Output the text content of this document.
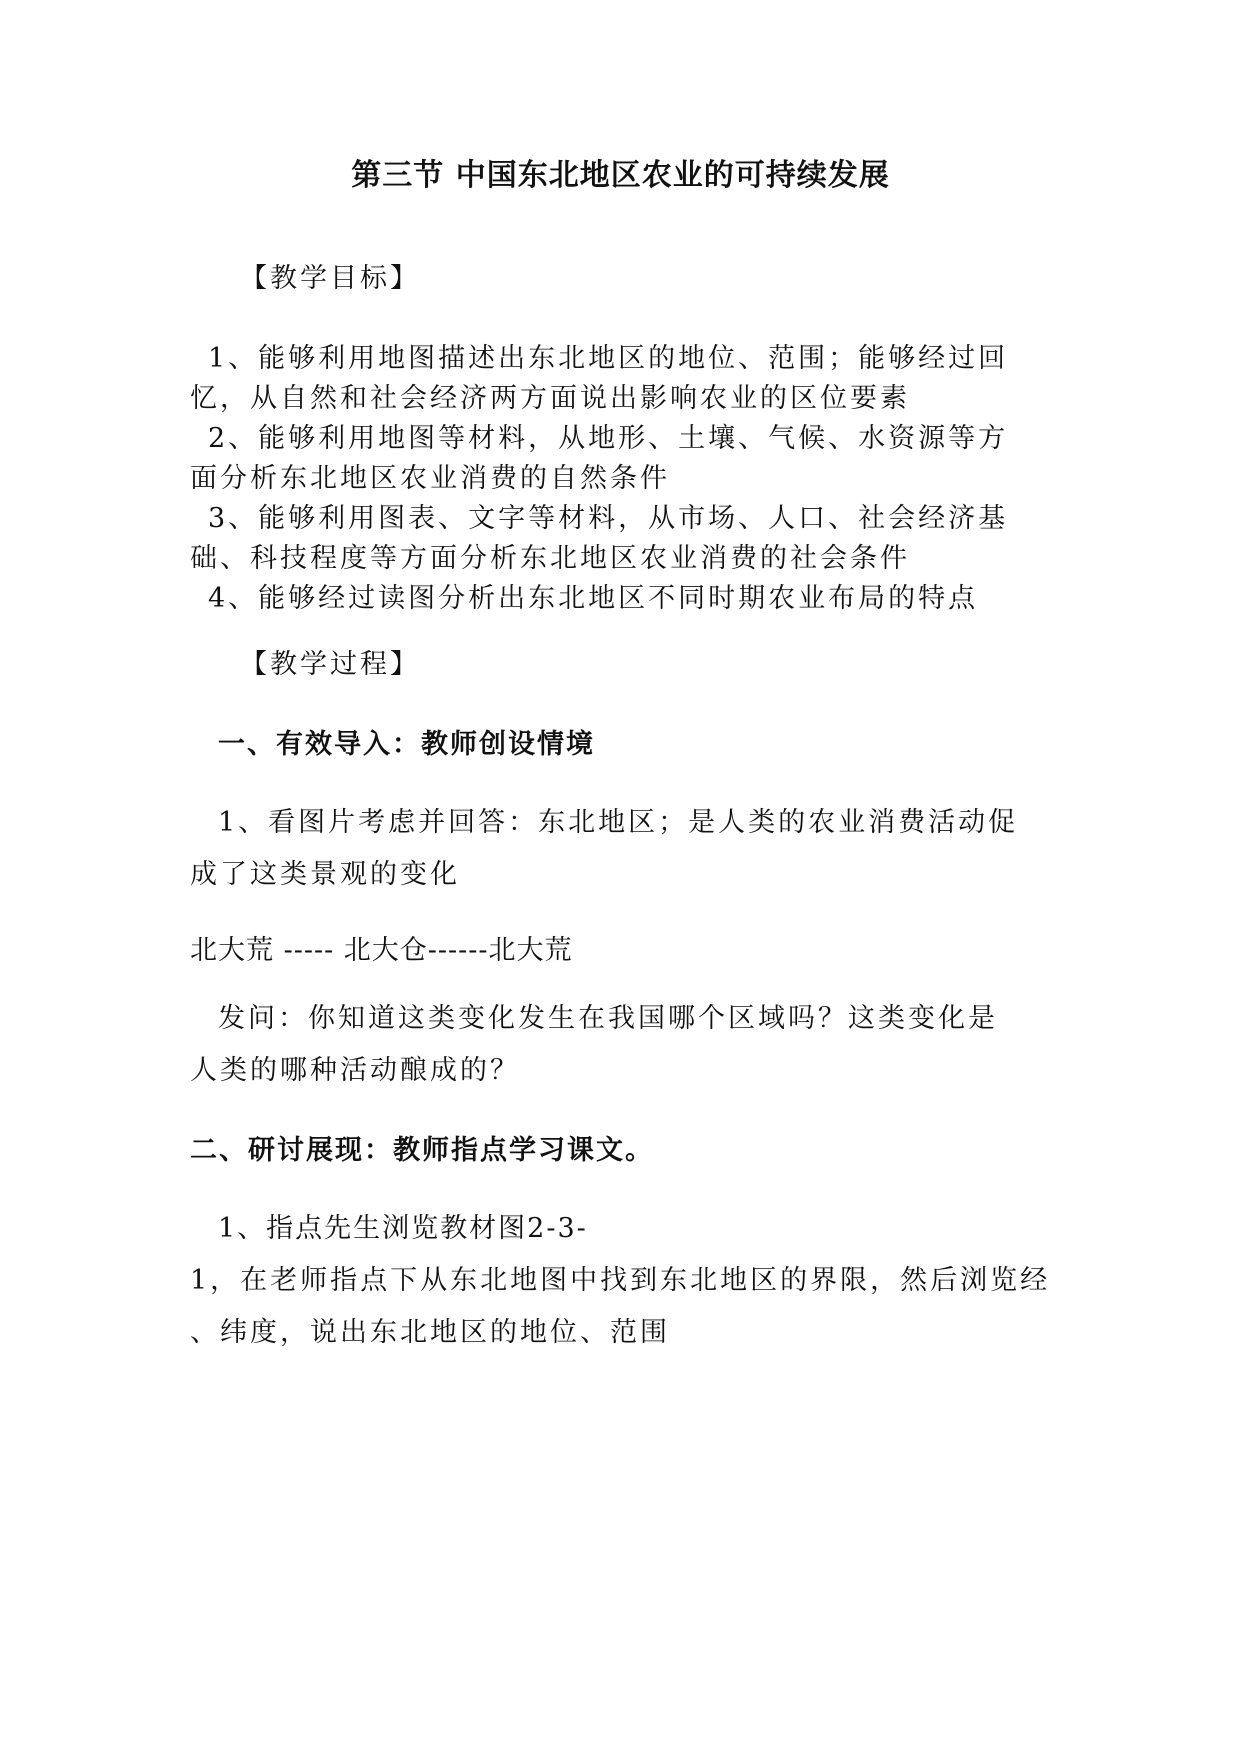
第三节 中国东北地区农业的可持续发展
【教学目标】
1、能够利用地图描述出东北地区的地位、范围；能够经过回
忆，从自然和社会经济两方面说出影响农业的区位要素
2、能够利用地图等材料，从地形、土壤、气候、水资源等方
面分析东北地区农业消费的自然条件
3、能够利用图表、文字等材料，从市场、人口、社会经济基
础、科技程度等方面分析东北地区农业消费的社会条件
4、能够经过读图分析出东北地区不同时期农业布局的特点
【教学过程】
一、有效导入：教师创设情境
1、看图片考虑并回答：东北地区；是人类的农业消费活动促
成了这类景观的变化
北大荒 ----- 北大仓------北大荒
发问：你知道这类变化发生在我国哪个区域吗？这类变化是
人类的哪种活动酿成的？
二、研讨展现：教师指点学习课文。
1、指点先生浏览教材图2-3-
1，在老师指点下从东北地图中找到东北地区的界限，然后浏览经
、纬度，说出东北地区的地位、范围
